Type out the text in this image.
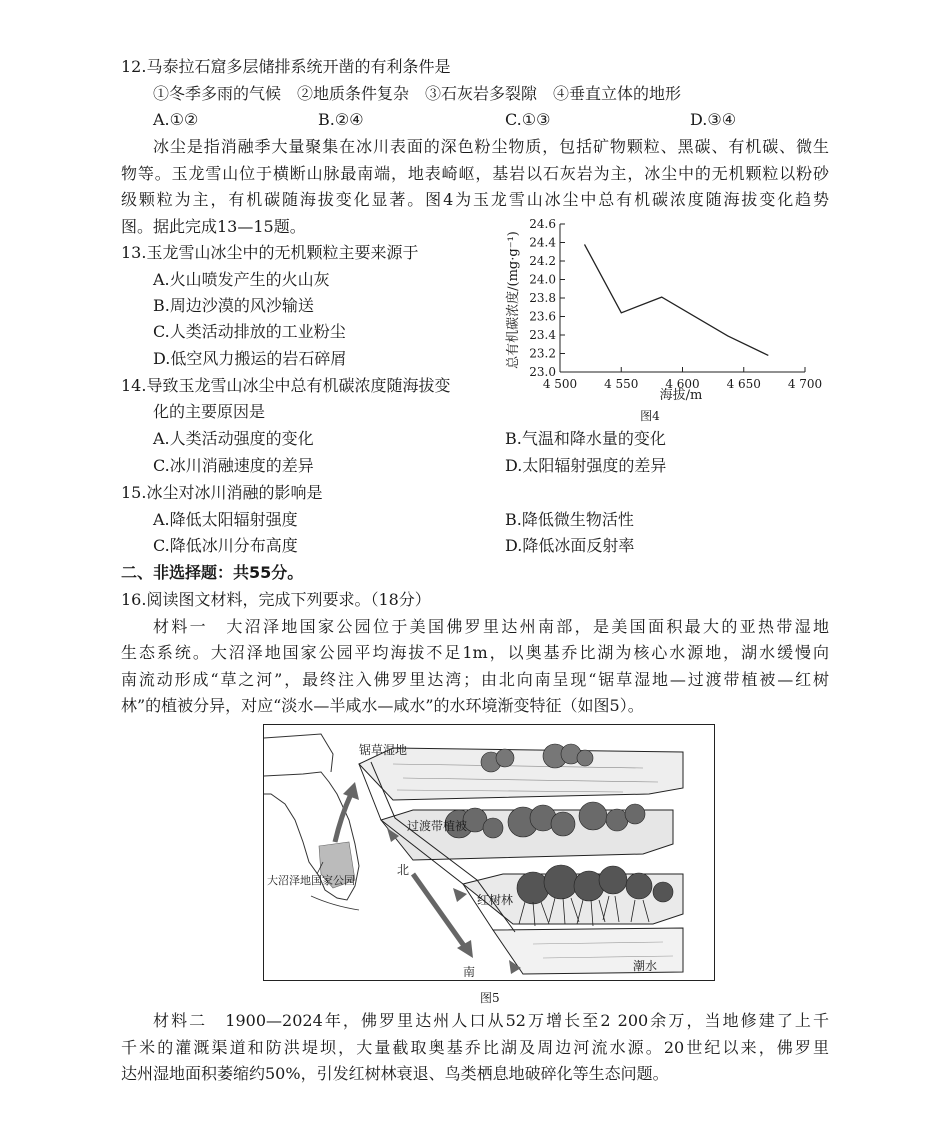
12.马泰拉石窟多层储排系统开凿的有利条件是
①冬季多雨的气候　②地质条件复杂　③石灰岩多裂隙　④垂直立体的地形
A.①②	B.②④	C.①③	D.③④
冰尘是指消融季大量聚集在冰川表面的深色粉尘物质，包括矿物颗粒、黑碳、有机碳、微生
物等。玉龙雪山位于横断山脉最南端，地表崎岖，基岩以石灰岩为主，冰尘中的无机颗粒以粉砂
级颗粒为主，有机碳随海拔变化显著。图4为玉龙雪山冰尘中总有机碳浓度随海拔变化趋势
图。据此完成13—15题。
13.玉龙雪山冰尘中的无机颗粒主要来源于
A.火山喷发产生的火山灰
B.周边沙漠的风沙输送
C.人类活动排放的工业粉尘
D.低空风力搬运的岩石碎屑
14.导致玉龙雪山冰尘中总有机碳浓度随海拔变
化的主要原因是
A.人类活动强度的变化	B.气温和降水量的变化
C.冰川消融速度的差异	D.太阳辐射强度的差异
15.冰尘对冰川消融的影响是
A.降低太阳辐射强度	B.降低微生物活性
C.降低冰川分布高度	D.降低冰面反射率
二、非选择题：共55分。
16.阅读图文材料，完成下列要求。（18分）
材料一　大沼泽地国家公园位于美国佛罗里达州南部，是美国面积最大的亚热带湿地
生态系统。大沼泽地国家公园平均海拔不足1m，以奥基乔比湖为核心水源地，湖水缓慢向
南流动形成“草之河”，最终注入佛罗里达湾；由北向南呈现“锯草湿地—过渡带植被—红树
林”的植被分异，对应“淡水—半咸水—咸水”的水环境渐变特征（如图5）。
23.0
23.2
23.4
23.6
23.8
24.0
24.2
24.4
24.6
4 500 4 550 4 600 4 650 4 700
总有机碳浓度/(mg·g⁻¹)
海拔/m
图4
大沼泽地国家公园
锯草湿地
过渡带植被
红树林
北
南	潮水
图5
材料二　1900—2024年，佛罗里达州人口从52万增长至2 200余万，当地修建了上千
千米的灌溉渠道和防洪堤坝，大量截取奥基乔比湖及周边河流水源。20世纪以来，佛罗里
达州湿地面积萎缩约50%，引发红树林衰退、鸟类栖息地破碎化等生态问题。
